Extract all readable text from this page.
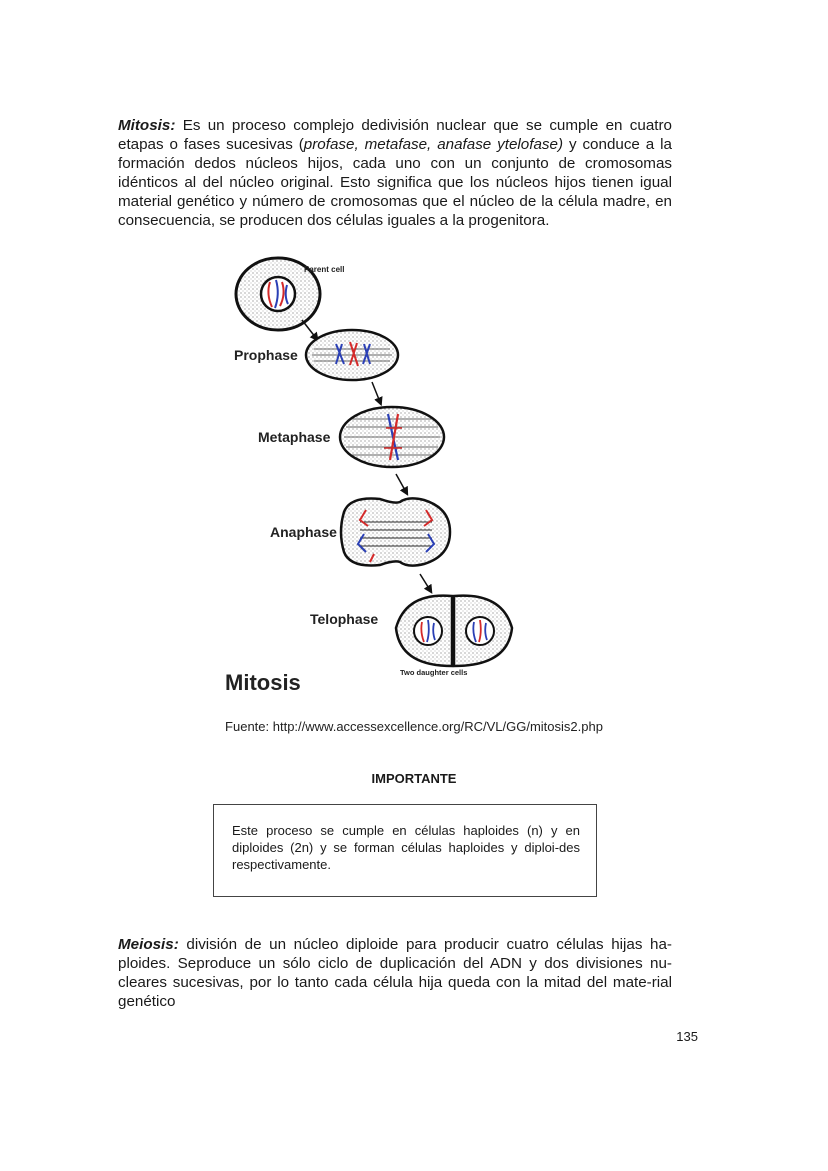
Mitosis: Es un proceso complejo dedivisión nuclear que se cumple en cuatro etapas o fases sucesivas (profase, metafase, anafase ytelofase) y conduce a la formación dedos núcleos hijos, cada uno con un conjunto de cromosomas idénticos al del núcleo original. Esto significa que los núcleos hijos tienen igual material genético y número de cromosomas que el núcleo de la célula madre, en consecuencia, se producen dos células iguales a la progenitora.
Parent cell
Prophase
Metaphase
Anaphase
Telophase
Two daughter cells
Mitosis
Fuente: http://www.accessexcellence.org/RC/VL/GG/mitosis2.php
IMPORTANTE
Este proceso se cumple en células haploides (n) y en diploides (2n) y se forman células haploides y diploi-des respectivamente.
Meiosis: división de un núcleo diploide para producir cuatro células hijas ha-ploides. Seproduce un sólo ciclo de duplicación del ADN y dos divisiones nu-cleares sucesivas, por lo tanto cada célula hija queda con la mitad del mate-rial genético
135
